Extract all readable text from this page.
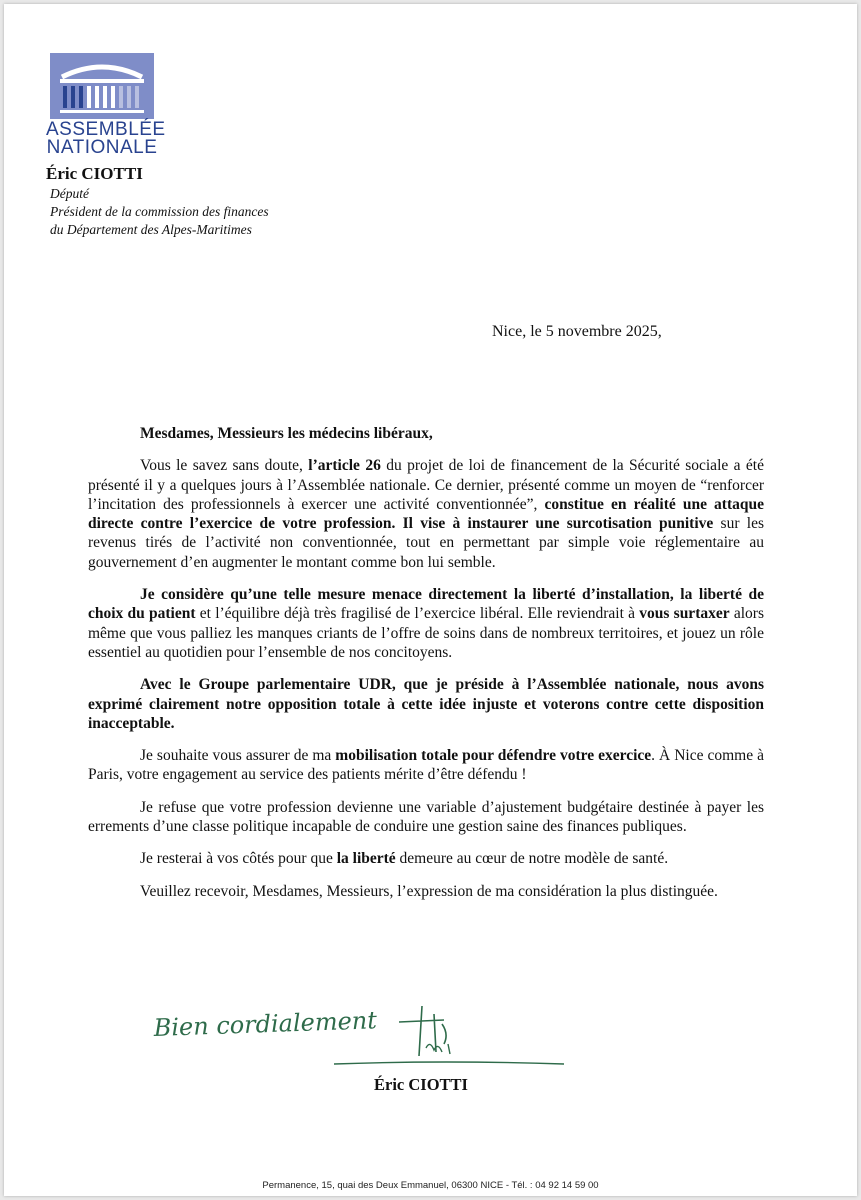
ASSEMBLÉE
NATIONALE
Éric CIOTTI
Député
Président de la commission des finances
du Département des Alpes-Maritimes
Nice, le 5 novembre 2025,

Mesdames, Messieurs les médecins libéraux,

Vous le savez sans doute, l’article 26 du projet de loi de financement de la Sécurité sociale a été présenté il y a quelques jours à l’Assemblée nationale. Ce dernier, présenté comme un moyen de “renforcer l’incitation des professionnels à exercer une activité conventionnée”, constitue en réalité une attaque directe contre l’exercice de votre profession. Il vise à instaurer une surcotisation punitive sur les revenus tirés de l’activité non conventionnée, tout en permettant par simple voie réglementaire au gouvernement d’en augmenter le montant comme bon lui semble.

Je considère qu’une telle mesure menace directement la liberté d’installation, la liberté de choix du patient et l’équilibre déjà très fragilisé de l’exercice libéral. Elle reviendrait à vous surtaxer alors même que vous palliez les manques criants de l’offre de soins dans de nombreux territoires, et jouez un rôle essentiel au quotidien pour l’ensemble de nos concitoyens.

Avec le Groupe parlementaire UDR, que je préside à l’Assemblée nationale, nous avons exprimé clairement notre opposition totale à cette idée injuste et voterons contre cette disposition inacceptable.

Je souhaite vous assurer de ma mobilisation totale pour défendre votre exercice. À Nice comme à Paris, votre engagement au service des patients mérite d’être défendu !

Je refuse que votre profession devienne une variable d’ajustement budgétaire destinée à payer les errements d’une classe politique incapable de conduire une gestion saine des finances publiques.

Je resterai à vos côtés pour que la liberté demeure au cœur de notre modèle de santé.

Veuillez recevoir, Mesdames, Messieurs, l’expression de ma considération la plus distinguée.

Bien cordialement
Éric CIOTTI
Permanence, 15, quai des Deux Emmanuel, 06300 NICE - Tél. : 04 92 14 59 00
